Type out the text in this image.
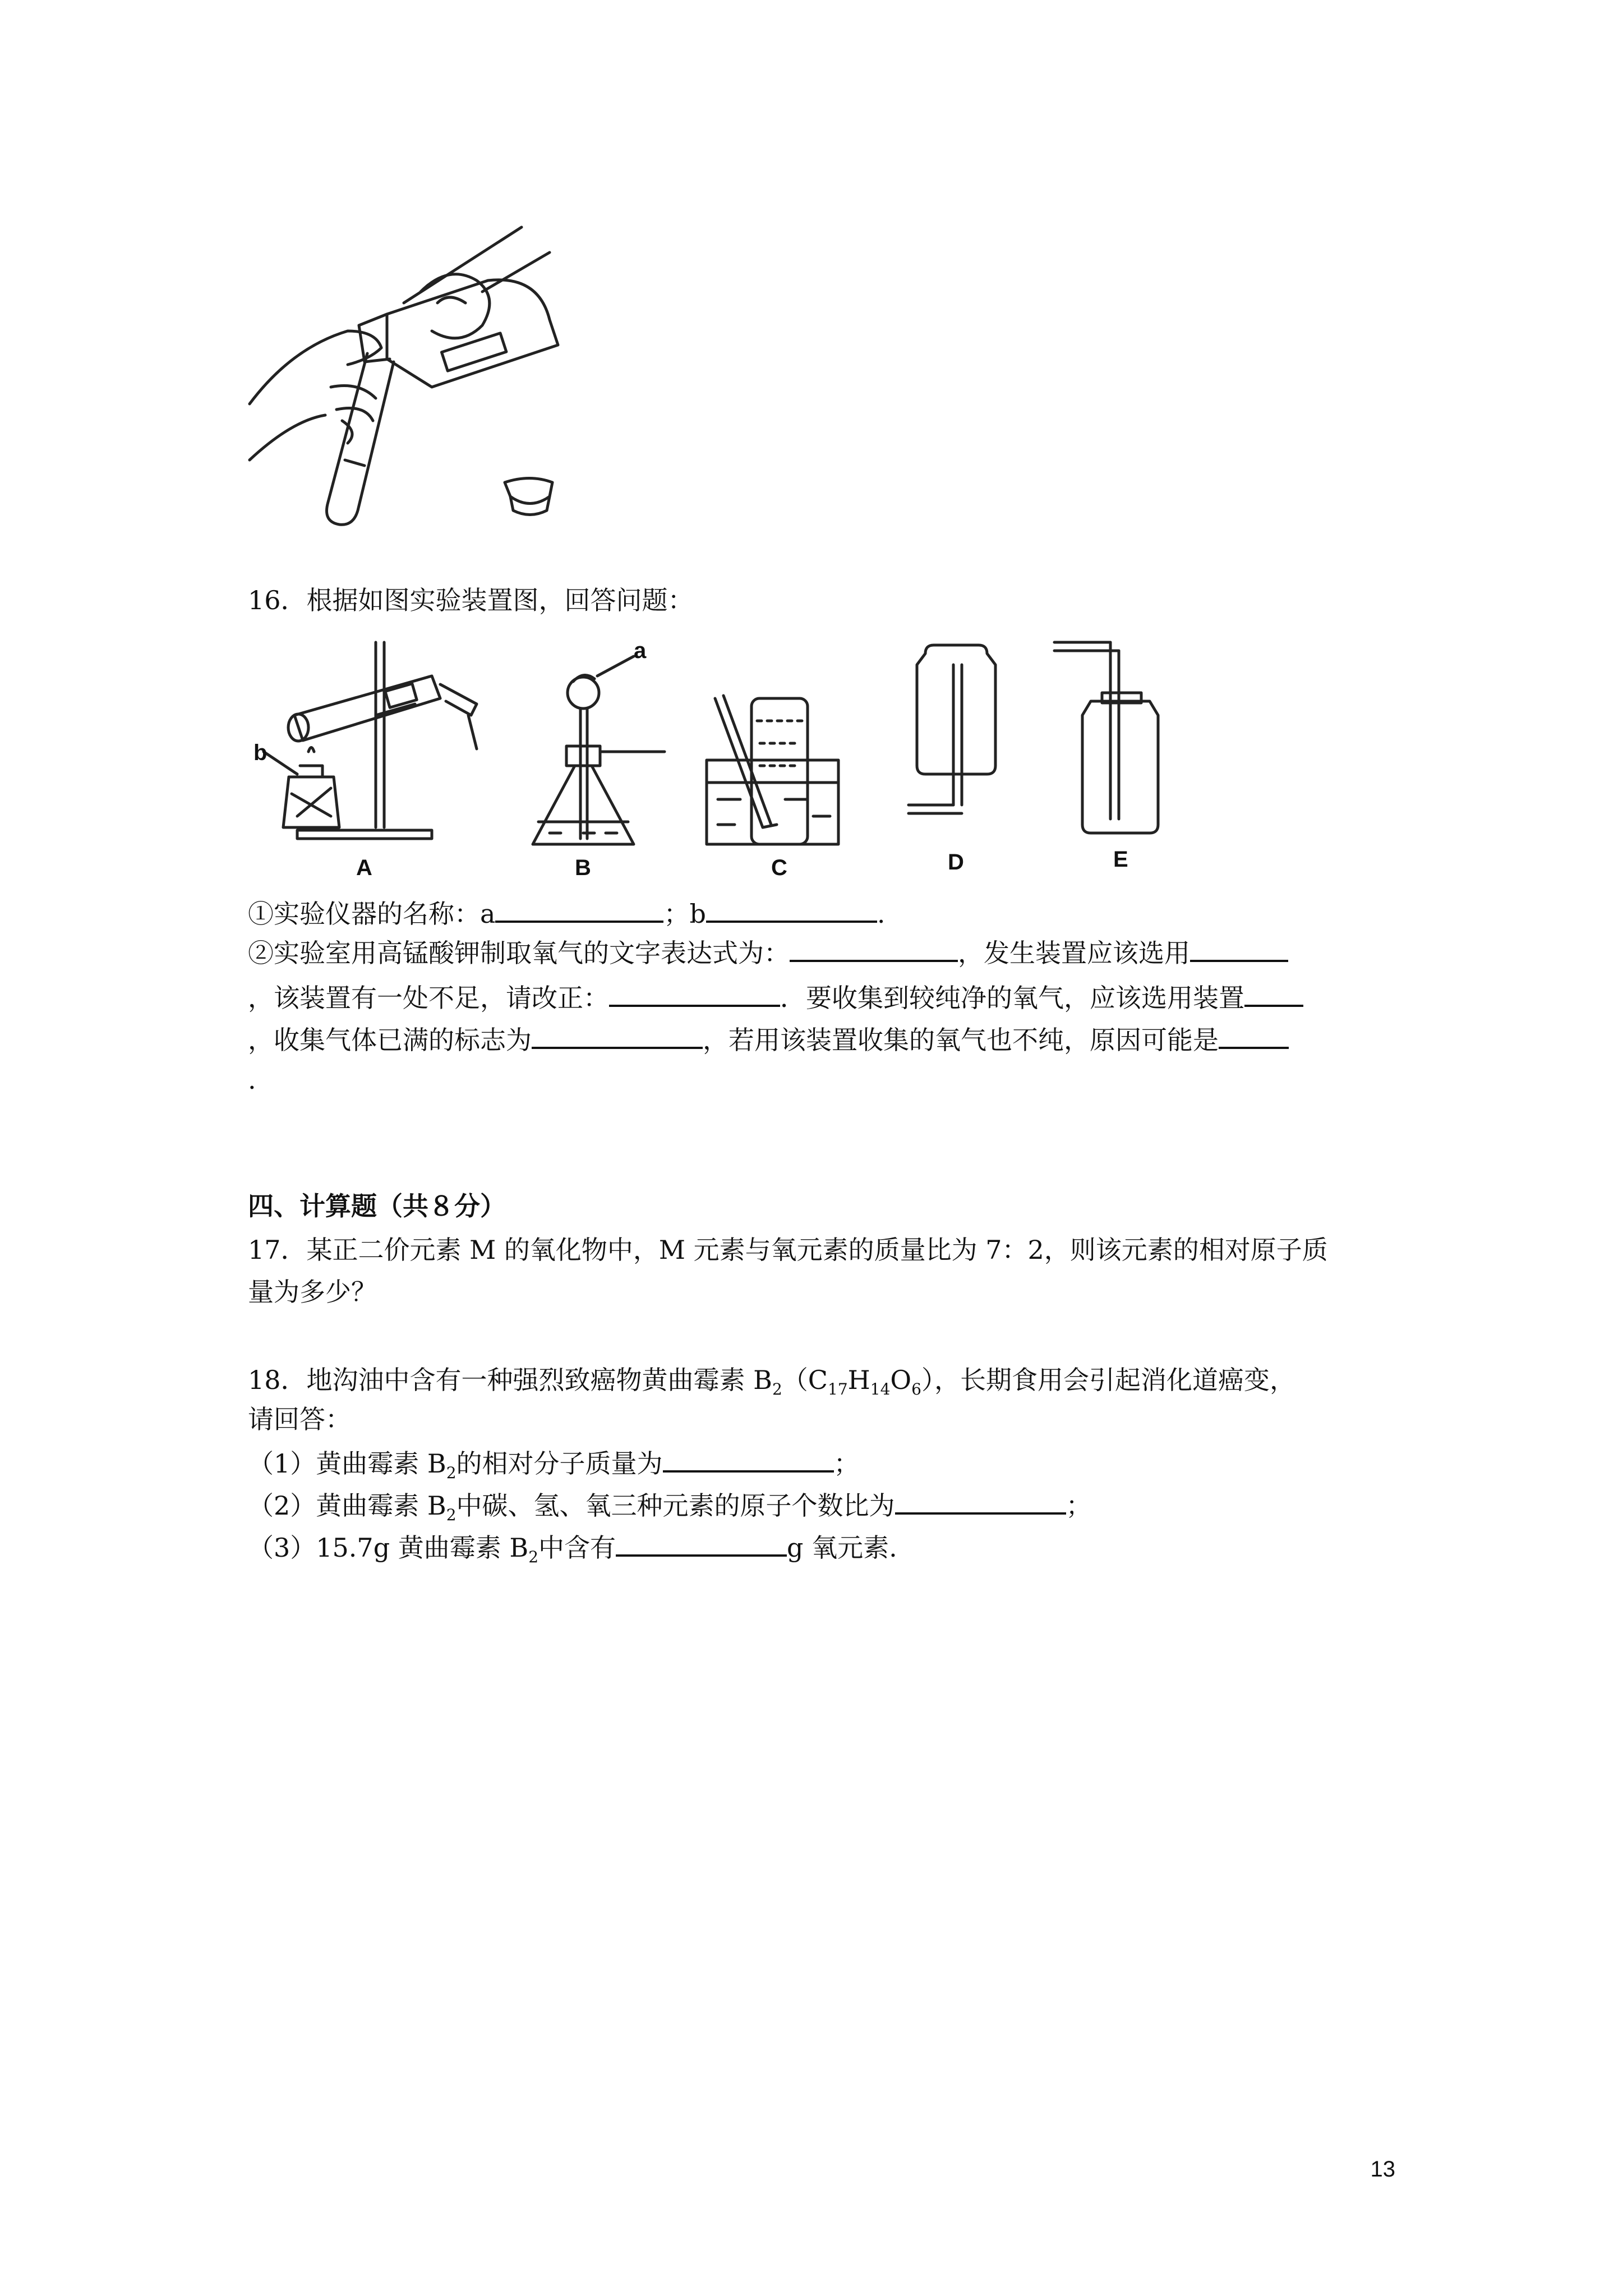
16．根据如图实验装置图，回答问题：
b
a
A	B	C	D	E
①实验仪器的名称：a	；b	.
②实验室用高锰酸钾制取氧气的文字表达式为：	，发生装置应该选用
，该装置有一处不足，请改正：	．要收集到较纯净的氧气，应该选用装置
，收集气体已满的标志为	，若用该装置收集的氧气也不纯，原因可能是
.
四、计算题（共８分）
17．某正二价元素 M 的氧化物中，M 元素与氧元素的质量比为 7：2，则该元素的相对原子质
量为多少？
18．地沟油中含有一种强烈致癌物黄曲霉素 $B_2(C_{17}H_{14}O_6)$，长期食用会引起消化道癌变，
请回答：
（1）黄曲霉素 $B_2$的相对分子质量为	；
（2）黄曲霉素 $B_2$中碳、氢、氧三种元素的原子个数比为	；
（3）15.7g 黄曲霉素 $B_2$中含有	g 氧元素.
13
